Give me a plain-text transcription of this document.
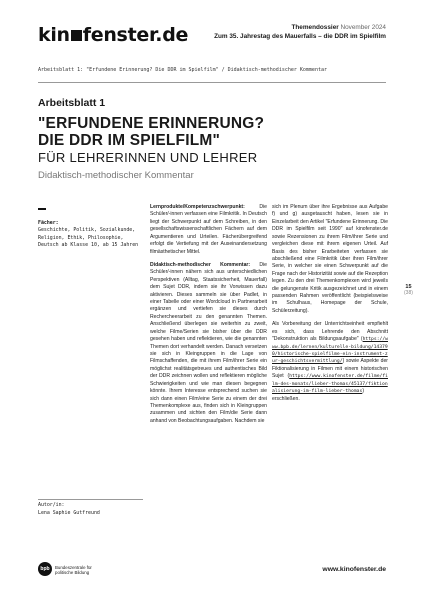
kin fenster.de	Themendossier November 2024
Zum 35. Jahrestag des Mauerfalls – die DDR im Spielfilm
Arbeitsblatt 1: "Erfundene Erinnerung? Die DDR im Spielfilm" / Didaktisch-methodischer Kommentar
Arbeitsblatt 1
"ERFUNDENE ERINNERUNG?
DIE DDR IM SPIELFILM"
FÜR LEHRERINNEN UND LEHRER
Didaktisch-methodischer Kommentar
Fächer:
Geschichte, Politik, Sozialkunde, Religion, Ethik, Philosophie, Deutsch ab Klasse 10, ab 15 Jahren
Autor/in:
Lena Saphie Gutfreund

Lernprodukte/Kompetenzschwerpunkt: Die Schüler/-innen verfassen eine Filmkritik. In Deutsch liegt der Schwerpunkt auf dem Schreiben, in den gesellschaftswissenschaftlichen Fächern auf dem Argumentieren und Urteilen. Fächerübergreifend erfolgt die Vertiefung mit der Auseinandersetzung filmästhetischer Mittel.

Didaktisch-methodischer Kommentar: Die Schüler/-innen nähern sich aus unterschiedlichen Perspektiven (Alltag, Staatssicherheit, Mauerfall) dem Sujet DDR, indem sie ihr Vorwissen dazu aktivieren. Dieses sammeln sie über Padlet, in einer Tabelle oder einer Wordcloud in Partnerarbeit ergänzen und vertiefen sie dieses durch Rechercheerarbeit zu den genannten Themen. Anschließend überlegen sie weiterhin zu zweit, welche Filme/Serien sie bisher über die DDR gesehen haben und reflektieren, wie die genannten Themen dort verhandelt werden. Danach versetzen sie sich in Kleingruppen in die Lage von Filmschaffenden, die mit ihrem Film/ihrer Serie ein möglichst realitätsgetreues und authentisches Bild der DDR zeichnen wollen und reflektieren mögliche Schwierigkeiten und wie man diesen begegnen könnte. Ihrem Interesse entsprechend suchen sie sich dann einen Film/eine Serie zu einem der drei Themenkomplexe aus, finden sich in Kleingruppen zusammen und sichten den Film/die Serie dann anhand von Beobachtungsaufgaben. Nachdem sie

sich im Plenum über ihre Ergebnisse aus Aufgabe f) und g) ausgetauscht haben, lesen sie in Einzelarbeit den Artikel "Erfundene Erinnerung. Die DDR im Spielfilm seit 1990" auf kinofenster.de sowie Rezensionen zu ihrem Film/ihrer Serie und vergleichen diese mit ihrem eigenen Urteil. Auf Basis des bisher Erarbeiteten verfassen sie abschließend eine Filmkritik über ihren Film/ihrer Serie, in welcher sie einen Schwerpunkt auf die Frage nach der Historizität sowie auf die Rezeption legen. Zu den drei Themenkomplexen wird jeweils die gelungenste Kritik ausgezeichnet und in einem passenden Rahmen veröffentlicht (beispielsweise im Schulhaus, Homepage der Schule, Schülerzeitung).

Als Vorbereitung der Unterrichtseinheit empfiehlt es sich, dass Lehrende den Abschnitt "Dekonstruktion als Bildungsaufgabe" (https://www.bpb.de/lernen/kulturelle-bildung/143790/historische-spielfilme-ein-instrument-zur-geschichtsvermittlung/) sowie Aspekte der Fiktionalisierung in Filmen mit einem historischen Sujet (https://www.kinofenster.de/filme/film-des-monats/lieber-thomas/45137/fiktionalisierung-im-film-lieber-thomas) erschließen.

15
(38)
bpb	Bundeszentrale für
politische Bildung	www.kinofenster.de
